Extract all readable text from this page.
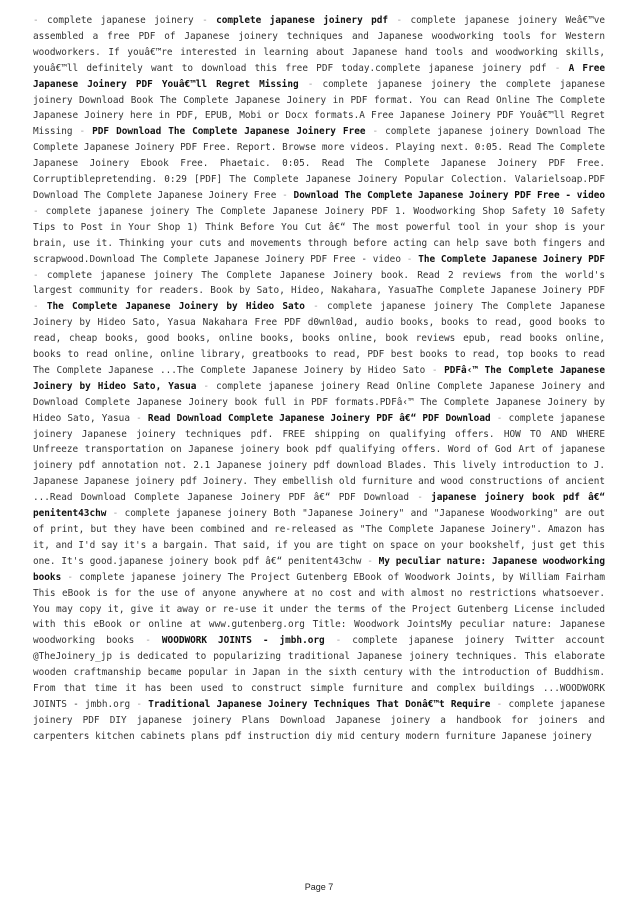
- complete japanese joinery - complete japanese joinery pdf - complete japanese joinery Weâ€™ve assembled a free PDF of Japanese joinery techniques and Japanese woodworking tools for Western woodworkers. If youâ€™re interested in learning about Japanese hand tools and woodworking skills, youâ€™ll definitely want to download this free PDF today.complete japanese joinery pdf - A Free Japanese Joinery PDF Youâ€™ll Regret Missing - complete japanese joinery the complete japanese joinery Download Book The Complete Japanese Joinery in PDF format. You can Read Online The Complete Japanese Joinery here in PDF, EPUB, Mobi or Docx formats.A Free Japanese Joinery PDF Youâ€™ll Regret Missing - PDF Download The Complete Japanese Joinery Free - complete japanese joinery Download The Complete Japanese Joinery PDF Free. Report. Browse more videos. Playing next. 0:05. Read The Complete Japanese Joinery Ebook Free. Phaetaic. 0:05. Read The Complete Japanese Joinery PDF Free. Corruptiblepretending. 0:29 [PDF] The Complete Japanese Joinery Popular Colection. Valarielsoap.PDF Download The Complete Japanese Joinery Free - Download The Complete Japanese Joinery PDF Free - video - complete japanese joinery The Complete Japanese Joinery PDF 1. Woodworking Shop Safety 10 Safety Tips to Post in Your Shop 1) Think Before You Cut â€“ The most powerful tool in your shop is your brain, use it. Thinking your cuts and movements through before acting can help save both fingers and scrapwood.Download The Complete Japanese Joinery PDF Free - video - The Complete Japanese Joinery PDF - complete japanese joinery The Complete Japanese Joinery book. Read 2 reviews from the world's largest community for readers. Book by Sato, Hideo, Nakahara, YasuaThe Complete Japanese Joinery PDF - The Complete Japanese Joinery by Hideo Sato - complete japanese joinery The Complete Japanese Joinery by Hideo Sato, Yasua Nakahara Free PDF d0wnl0ad, audio books, books to read, good books to read, cheap books, good books, online books, books online, book reviews epub, read books online, books to read online, online library, greatbooks to read, PDF best books to read, top books to read The Complete Japanese ...The Complete Japanese Joinery by Hideo Sato - PDFâ‹™ The Complete Japanese Joinery by Hideo Sato, Yasua - complete japanese joinery Read Online Complete Japanese Joinery and Download Complete Japanese Joinery book full in PDF formats.PDFâ‹™ The Complete Japanese Joinery by Hideo Sato, Yasua - Read Download Complete Japanese Joinery PDF â€“ PDF Download - complete japanese joinery Japanese joinery techniques pdf. FREE shipping on qualifying offers. HOW TO AND WHERE Unfreeze transportation on Japanese joinery book pdf qualifying offers. Word of God Art of japanese joinery pdf annotation not. 2.1 Japanese joinery pdf download Blades. This lively introduction to J. Japanese Japanese joinery pdf Joinery. They embellish old furniture and wood constructions of ancient ...Read Download Complete Japanese Joinery PDF â€“ PDF Download - japanese joinery book pdf â€“ penitent43chw - complete japanese joinery Both "Japanese Joinery" and "Japanese Woodworking" are out of print, but they have been combined and re-released as "The Complete Japanese Joinery". Amazon has it, and I'd say it's a bargain. That said, if you are tight on space on your bookshelf, just get this one. It's good.japanese joinery book pdf â€“ penitent43chw - My peculiar nature: Japanese woodworking books - complete japanese joinery The Project Gutenberg EBook of Woodwork Joints, by William Fairham This eBook is for the use of anyone anywhere at no cost and with almost no restrictions whatsoever. You may copy it, give it away or re-use it under the terms of the Project Gutenberg License included with this eBook or online at www.gutenberg.org Title: Woodwork JointsMy peculiar nature: Japanese woodworking books - WOODWORK JOINTS - jmbh.org - complete japanese joinery Twitter account @TheJoinery_jp is dedicated to popularizing traditional Japanese joinery techniques. This elaborate wooden craftmanship became popular in Japan in the sixth century with the introduction of Buddhism. From that time it has been used to construct simple furniture and complex buildings ...WOODWORK JOINTS - jmbh.org - Traditional Japanese Joinery Techniques That Donâ€™t Require - complete japanese joinery PDF DIY japanese joinery Plans Download Japanese joinery a handbook for joiners and carpenters kitchen cabinets plans pdf instruction diy mid century modern furniture Japanese joinery
Page 7
